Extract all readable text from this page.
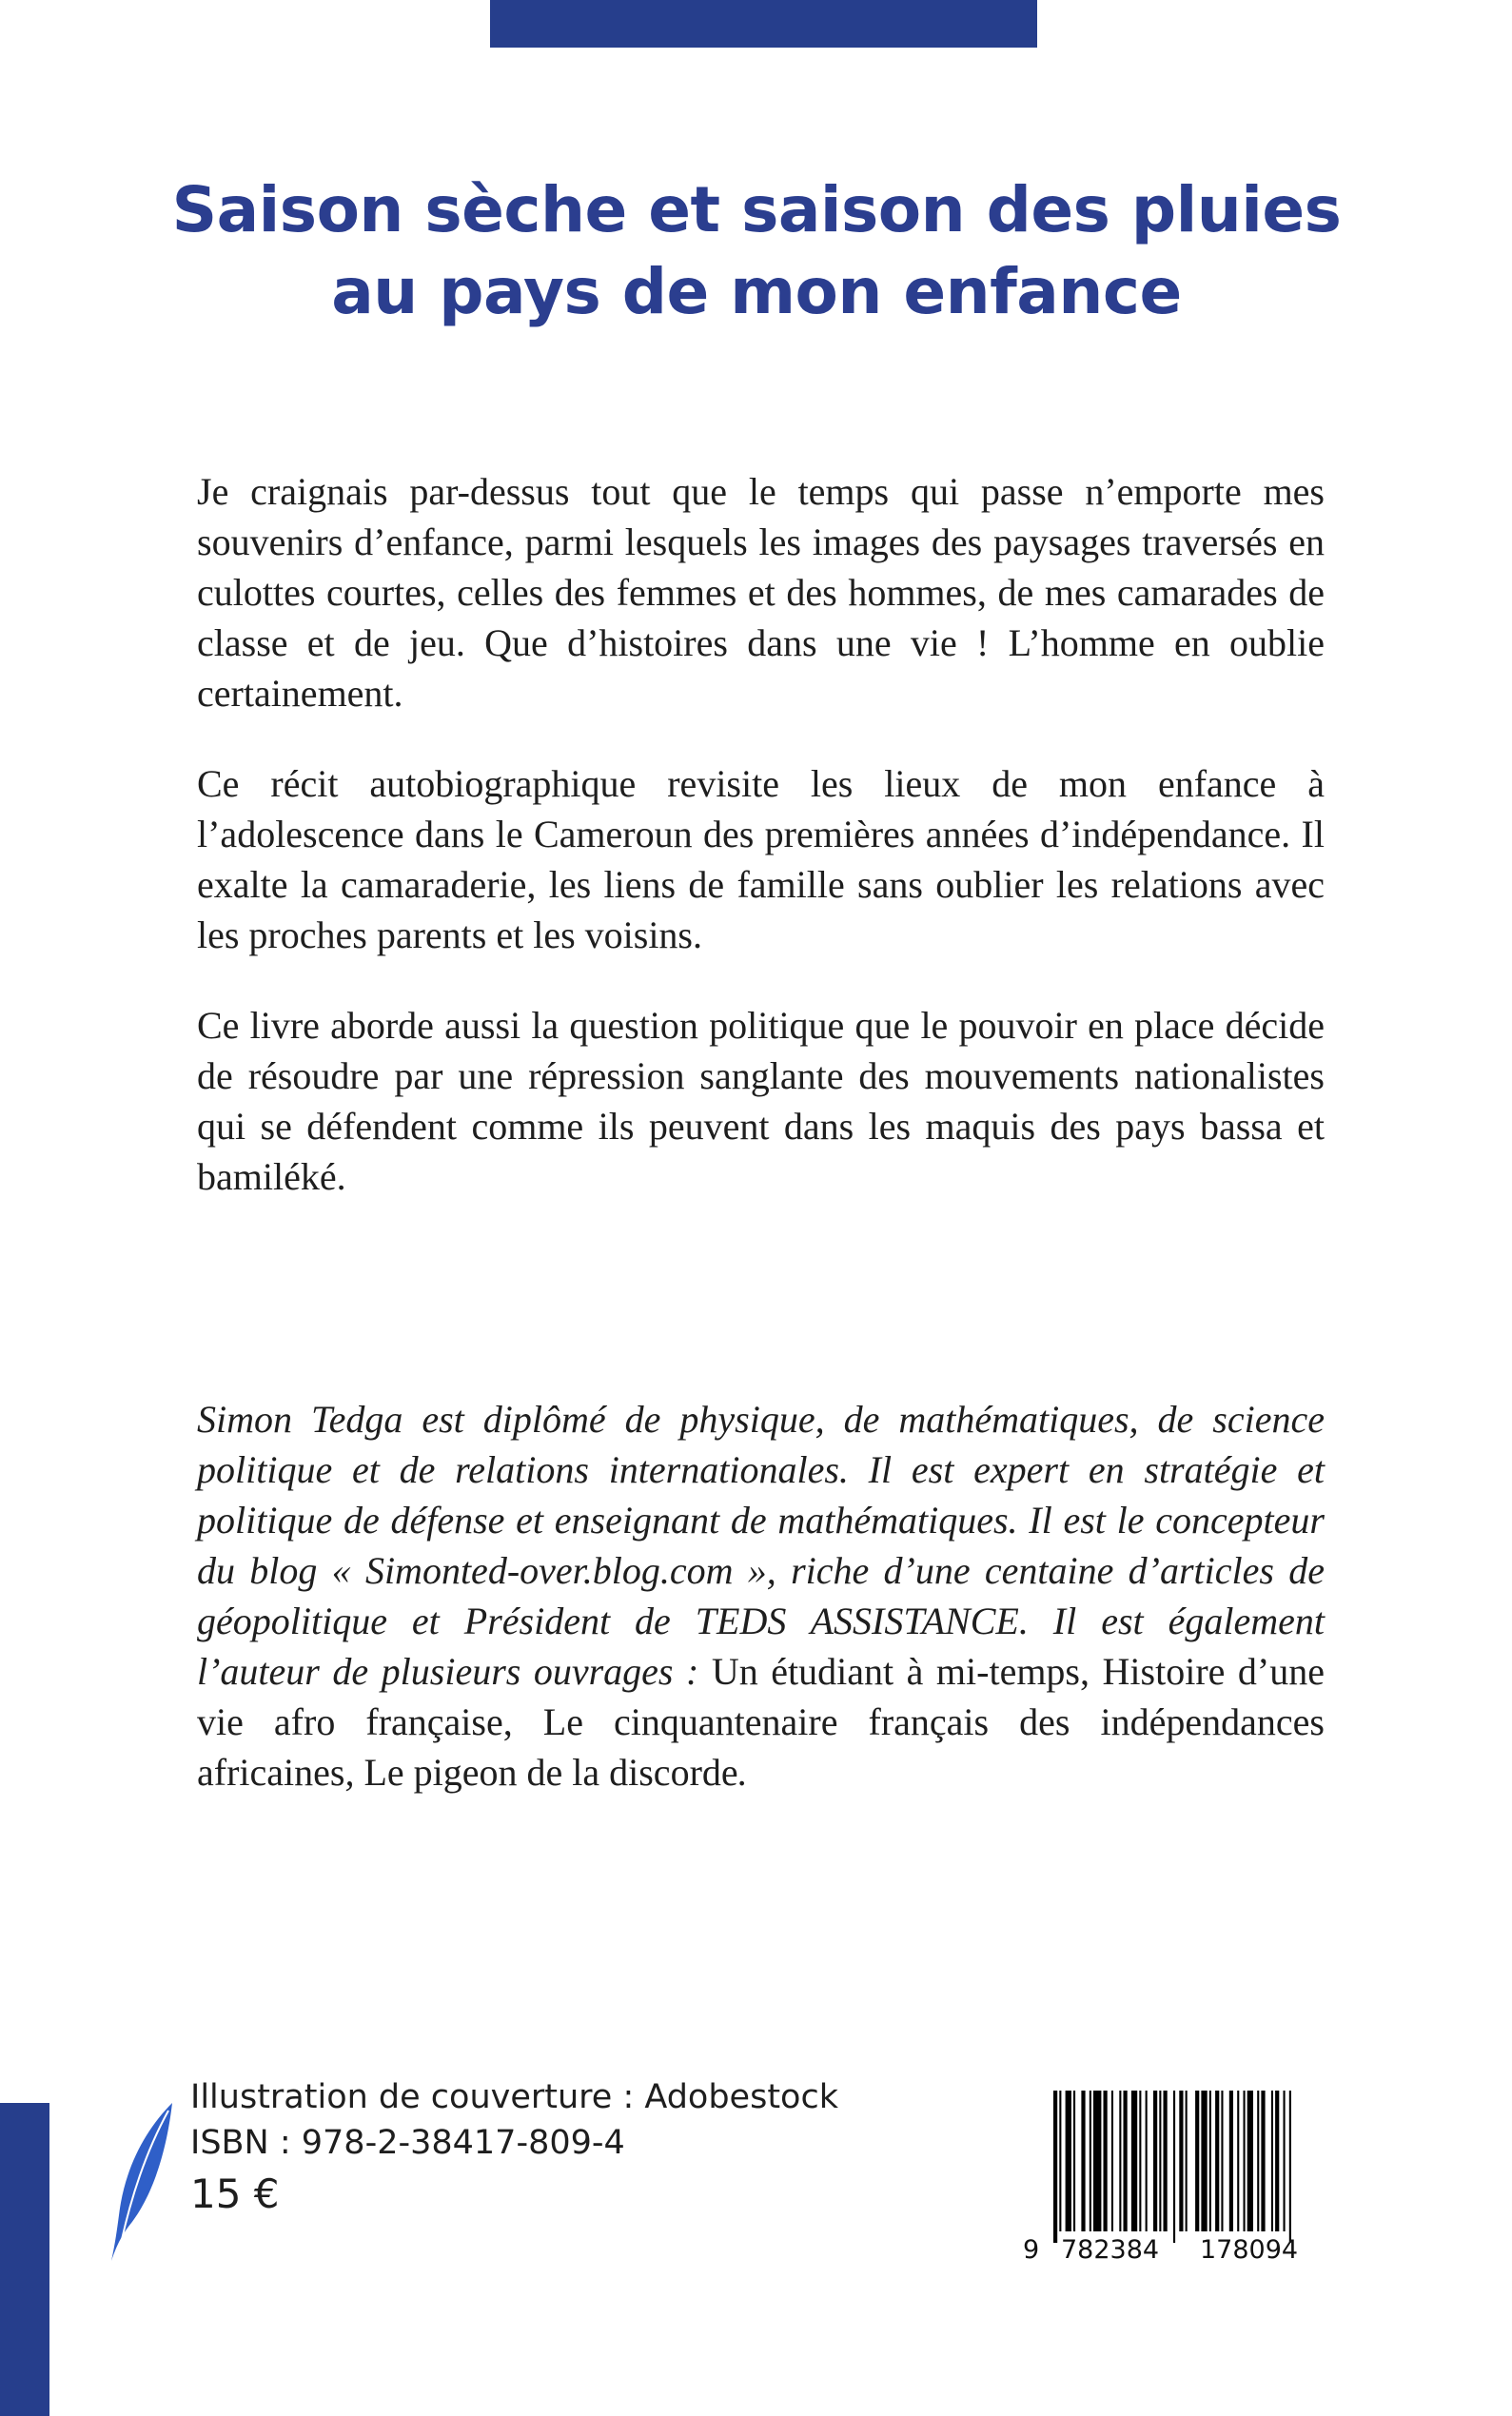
Saison sèche et saison des pluies
au pays de mon enfance

Je craignais par-dessus tout que le temps qui passe n’emporte mes souvenirs d’enfance, parmi lesquels les images des paysages traversés en culottes courtes, celles des femmes et des hommes, de mes camarades de classe et de jeu. Que d’histoires dans une vie ! L’homme en oublie certainement.

Ce récit autobiographique revisite les lieux de mon enfance à l’adolescence dans le Cameroun des premières années d’indépendance. Il exalte la camaraderie, les liens de famille sans oublier les relations avec les proches parents et les voisins.

Ce livre aborde aussi la question politique que le pouvoir en place décide de résoudre par une répression sanglante des mouvements nationalistes qui se défendent comme ils peuvent dans les maquis des pays bassa et bamiléké.

Simon Tedga est diplômé de physique, de mathématiques, de science politique et de relations internationales. Il est expert en stratégie et politique de défense et enseignant de mathématiques. Il est le concepteur du blog « Simonted-over.blog.com », riche d’une centaine d’articles de géopolitique et Président de TEDS ASSISTANCE. Il est également l’auteur de plusieurs ouvrages : Un étudiant à mi-temps, Histoire d’une vie afro française, Le cinquantenaire français des indépendances africaines, Le pigeon de la discorde.

Illustration de couverture : Adobestock
ISBN : 978-2-38417-809-4
15 €
9 782384 178094
